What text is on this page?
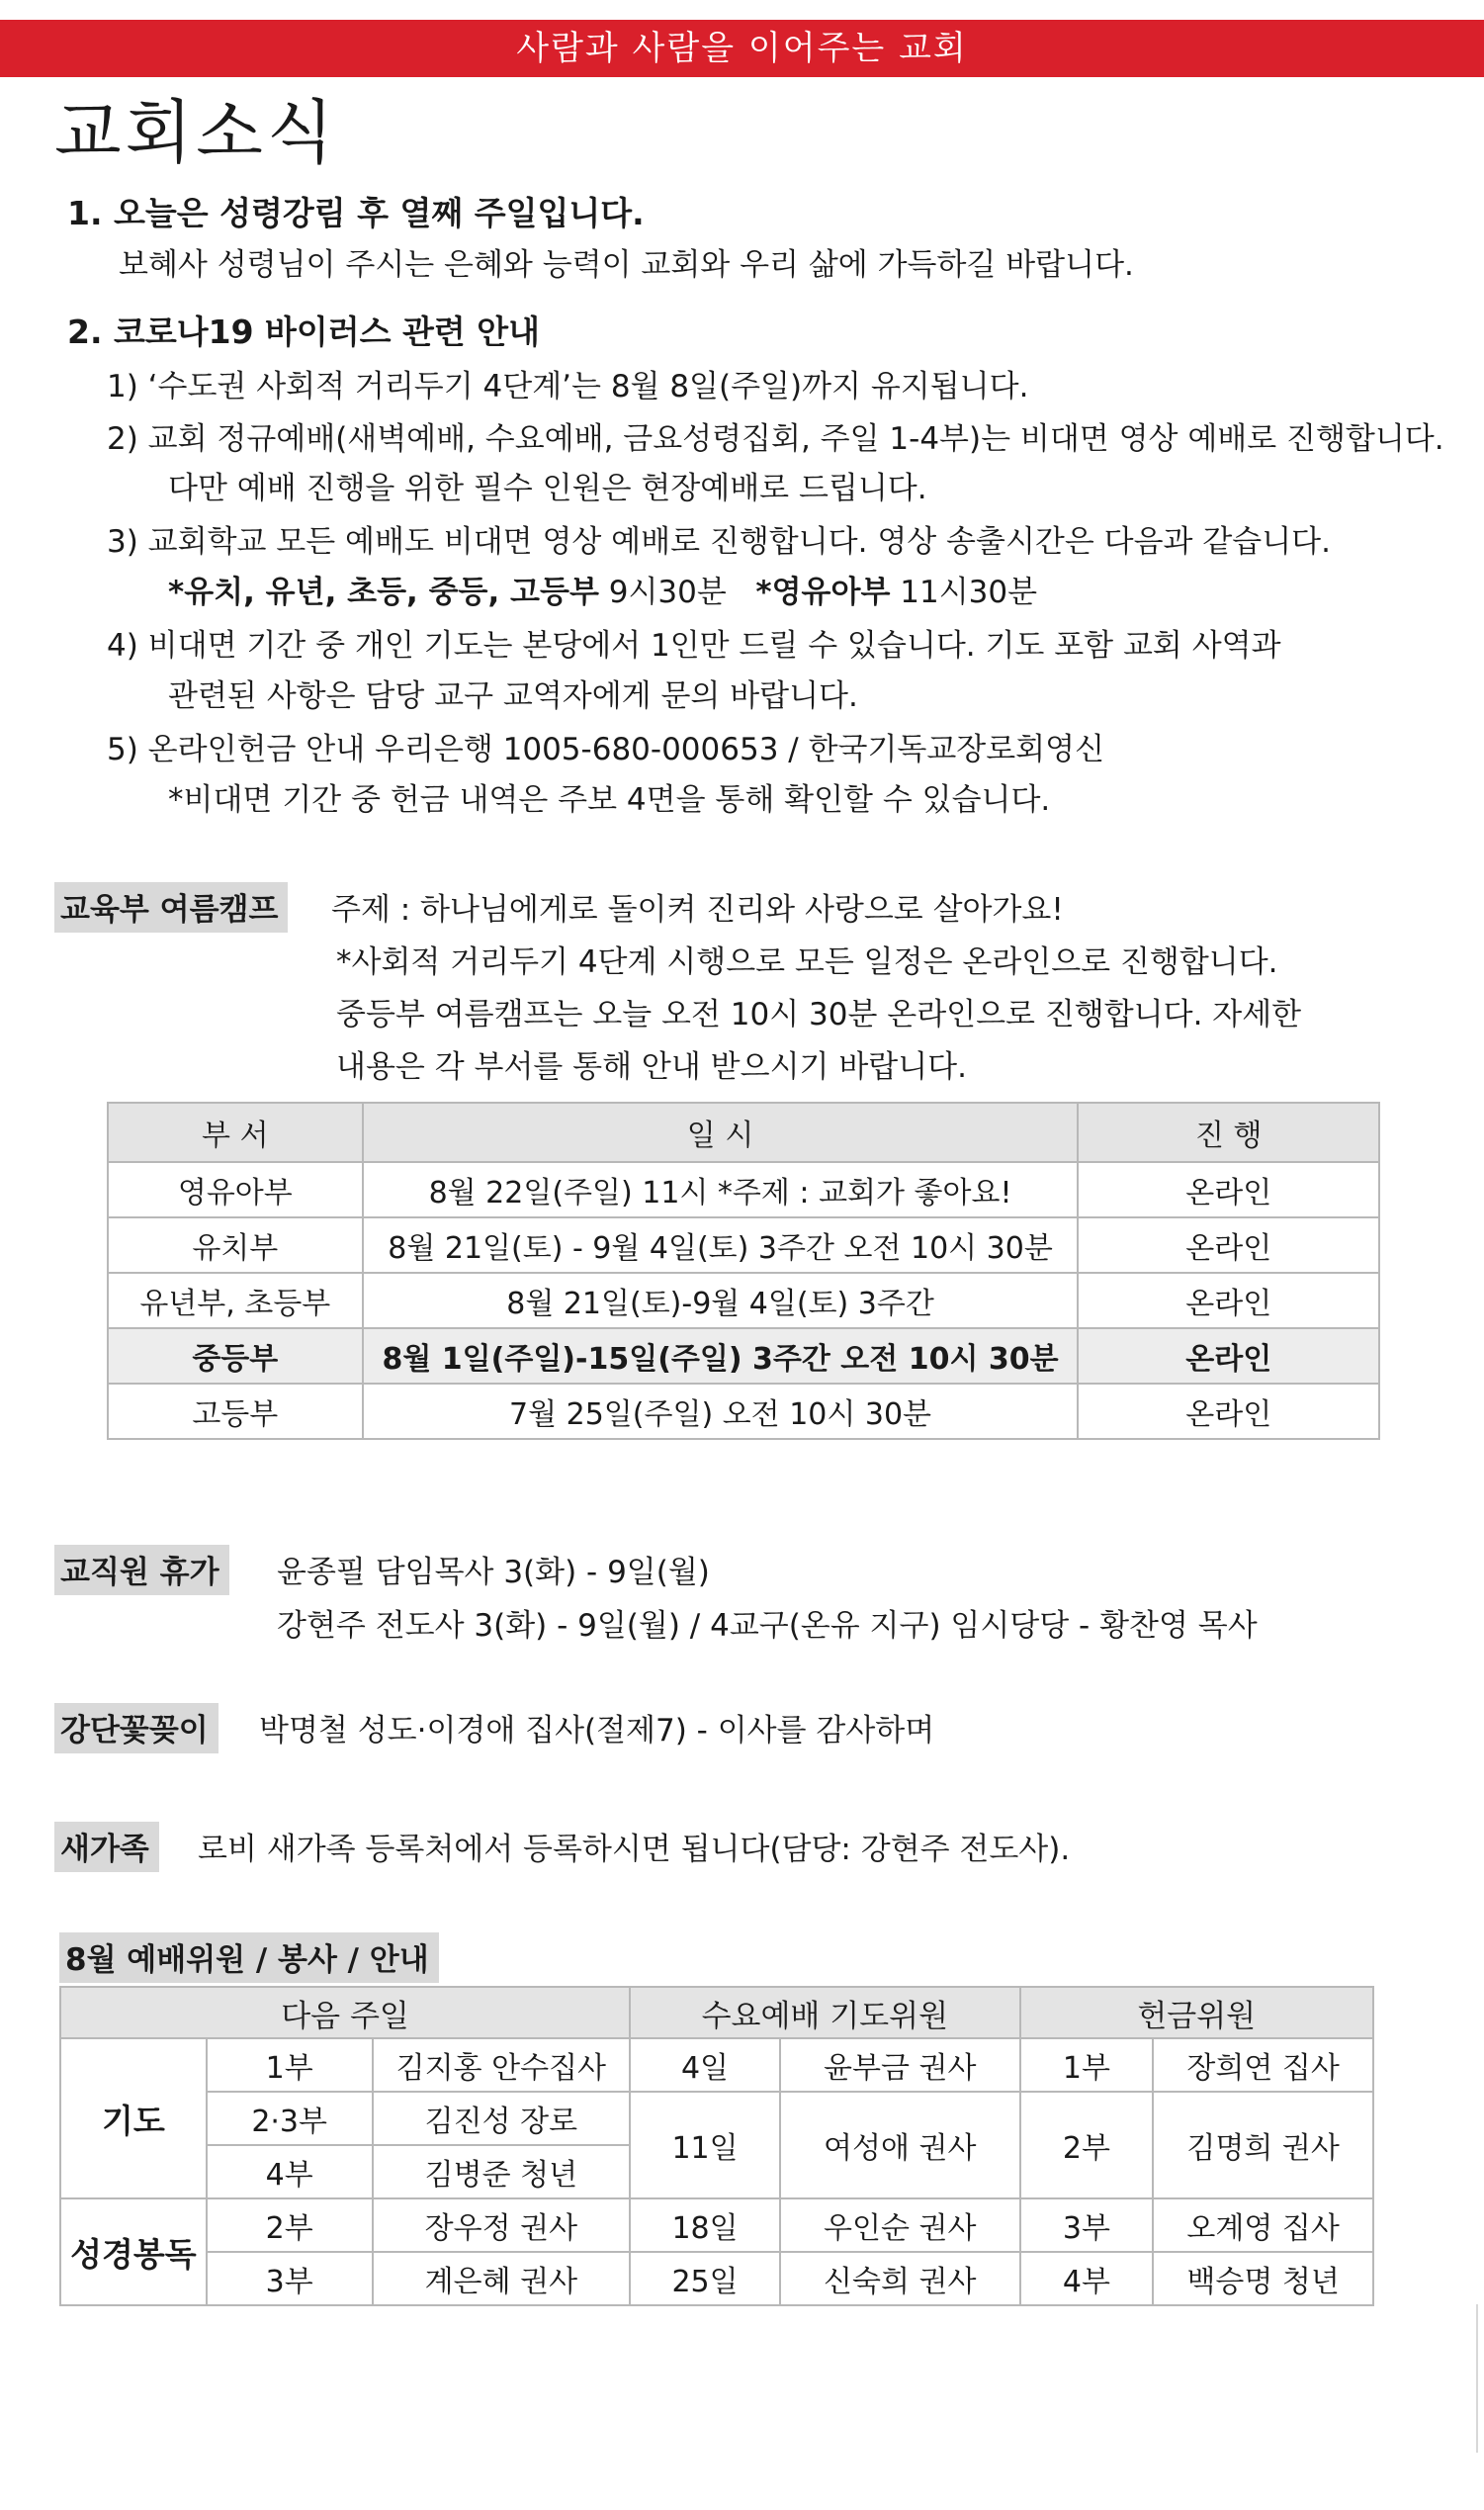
사람과 사람을 이어주는 교회
교회소식
1. 오늘은 성령강림 후 열째 주일입니다.
보혜사 성령님이 주시는 은혜와 능력이 교회와 우리 삶에 가득하길 바랍니다.
2. 코로나19 바이러스 관련 안내
1) ‘수도권 사회적 거리두기 4단계’는 8월 8일(주일)까지 유지됩니다.
2) 교회 정규예배(새벽예배, 수요예배, 금요성령집회, 주일 1-4부)는 비대면 영상 예배로 진행합니다.
다만 예배 진행을 위한 필수 인원은 현장예배로 드립니다.
3) 교회학교 모든 예배도 비대면 영상 예배로 진행합니다. 영상 송출시간은 다음과 같습니다.
*유치, 유년, 초등, 중등, 고등부 9시30분 *영유아부 11시30분
4) 비대면 기간 중 개인 기도는 본당에서 1인만 드릴 수 있습니다. 기도 포함 교회 사역과
관련된 사항은 담당 교구 교역자에게 문의 바랍니다.
5) 온라인헌금 안내 우리은행 1005-680-000653 / 한국기독교장로회영신
*비대면 기간 중 헌금 내역은 주보 4면을 통해 확인할 수 있습니다.
교육부 여름캠프	주제 : 하나님에게로 돌이켜 진리와 사랑으로 살아가요!
*사회적 거리두기 4단계 시행으로 모든 일정은 온라인으로 진행합니다.
중등부 여름캠프는 오늘 오전 10시 30분 온라인으로 진행합니다. 자세한
내용은 각 부서를 통해 안내 받으시기 바랍니다.
부 서	일 시	진 행
영유아부	8월 22일(주일) 11시 *주제 : 교회가 좋아요!	온라인
유치부	8월 21일(토) - 9월 4일(토) 3주간 오전 10시 30분	온라인
유년부, 초등부	8월 21일(토)-9월 4일(토) 3주간	온라인
중등부	8월 1일(주일)-15일(주일) 3주간 오전 10시 30분	온라인
고등부	7월 25일(주일) 오전 10시 30분	온라인
교직원 휴가	윤종필 담임목사 3(화) - 9일(월)
강현주 전도사 3(화) - 9일(월) / 4교구(온유 지구) 임시당당 - 황찬영 목사
강단꽃꽂이	박명철 성도·이경애 집사(절제7) - 이사를 감사하며
새가족	로비 새가족 등록처에서 등록하시면 됩니다(담당: 강현주 전도사).
8월 예배위원 / 봉사 / 안내
다음 주일			수요예배 기도위원		헌금위원	
기도	1부	김지홍 안수집사	4일	윤부금 권사	1부	장희연 집사
	2·3부	김진성 장로	11일	여성애 권사	2부	김명희 권사
	4부	김병준 청년				
성경봉독	2부	장우정 권사	18일	우인순 권사	3부	오계영 집사
	3부	계은혜 권사	25일	신숙희 권사	4부	백승명 청년
